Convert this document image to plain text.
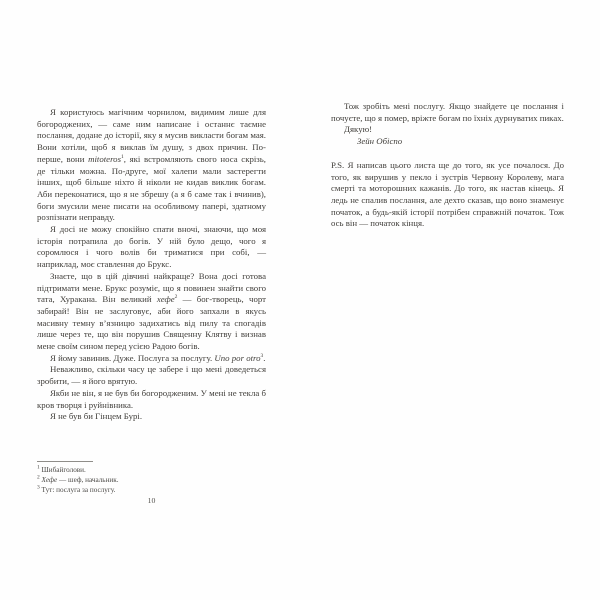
Я користуюсь магічним чорнилом, видимим лише для богороджених, — саме ним написане і останнє таємне послання, додане до історії, яку я мусив викласти богам мая. Вони хотіли, щоб я виклав їм душу, з двох причин. По-перше, вони mitoteros$^1$, які встромляють свого носа скрізь, де тільки можна. По-друге, мої халепи мали застерегти інших, щоб більше ніхто й ніколи не кидав виклик богам. Аби переконатися, що я не збрешу (а я б саме так і вчинив), боги змусили мене писати на особливому папері, здатному розпізнати неправду.

Я досі не можу спокійно спати вночі, знаючи, що моя історія потрапила до богів. У ній було дещо, чого я соромлюся і чого волів би триматися при собі, — наприклад, моє ставлення до Брукс.

Знаєте, що в цій дівчині найкраще? Вона досі готова підтримати мене. Брукс розуміє, що я повинен знайти свого тата, Хуракана. Він великий хефе$^2$ — бог-творець, чорт забирай! Він не заслуговує, аби його запхали в якусь масивну темну в’язницю задихатись від пилу та спогадів лише через те, що він порушив Священну Клятву і визнав мене своїм сином перед усією Радою богів.

Я йому завинив. Дуже. Послуга за послугу. Uno por otro$^3$.

Неважливо, скільки часу це забере і що мені доведеться зробити, — я його врятую.

Якби не він, я не був би богородженим. У мені не текла б кров творця і руйнівника.

Я не був би Гінцем Бурі.

$^1$ Шибайголови.

$^2$ Хефе — шеф, начальник.

$^3$ Тут: послуга за послугу.

10

Тож зробіть мені послугу. Якщо знайдете це послання і почуєте, що я помер, вріжте богам по їхніх дурнуватих пиках.

Дякую!

Зейн Обіспо

P.S. Я написав цього листа ще до того, як усе почалося. До того, як вирушив у пекло і зустрів Червону Королеву, мага смерті та моторошних кажанів. До того, як настав кінець. Я ледь не спалив послання, але дехто сказав, що воно знаменує початок, а будь-якій історії потрібен справжній початок. Тож ось він — початок кінця.
